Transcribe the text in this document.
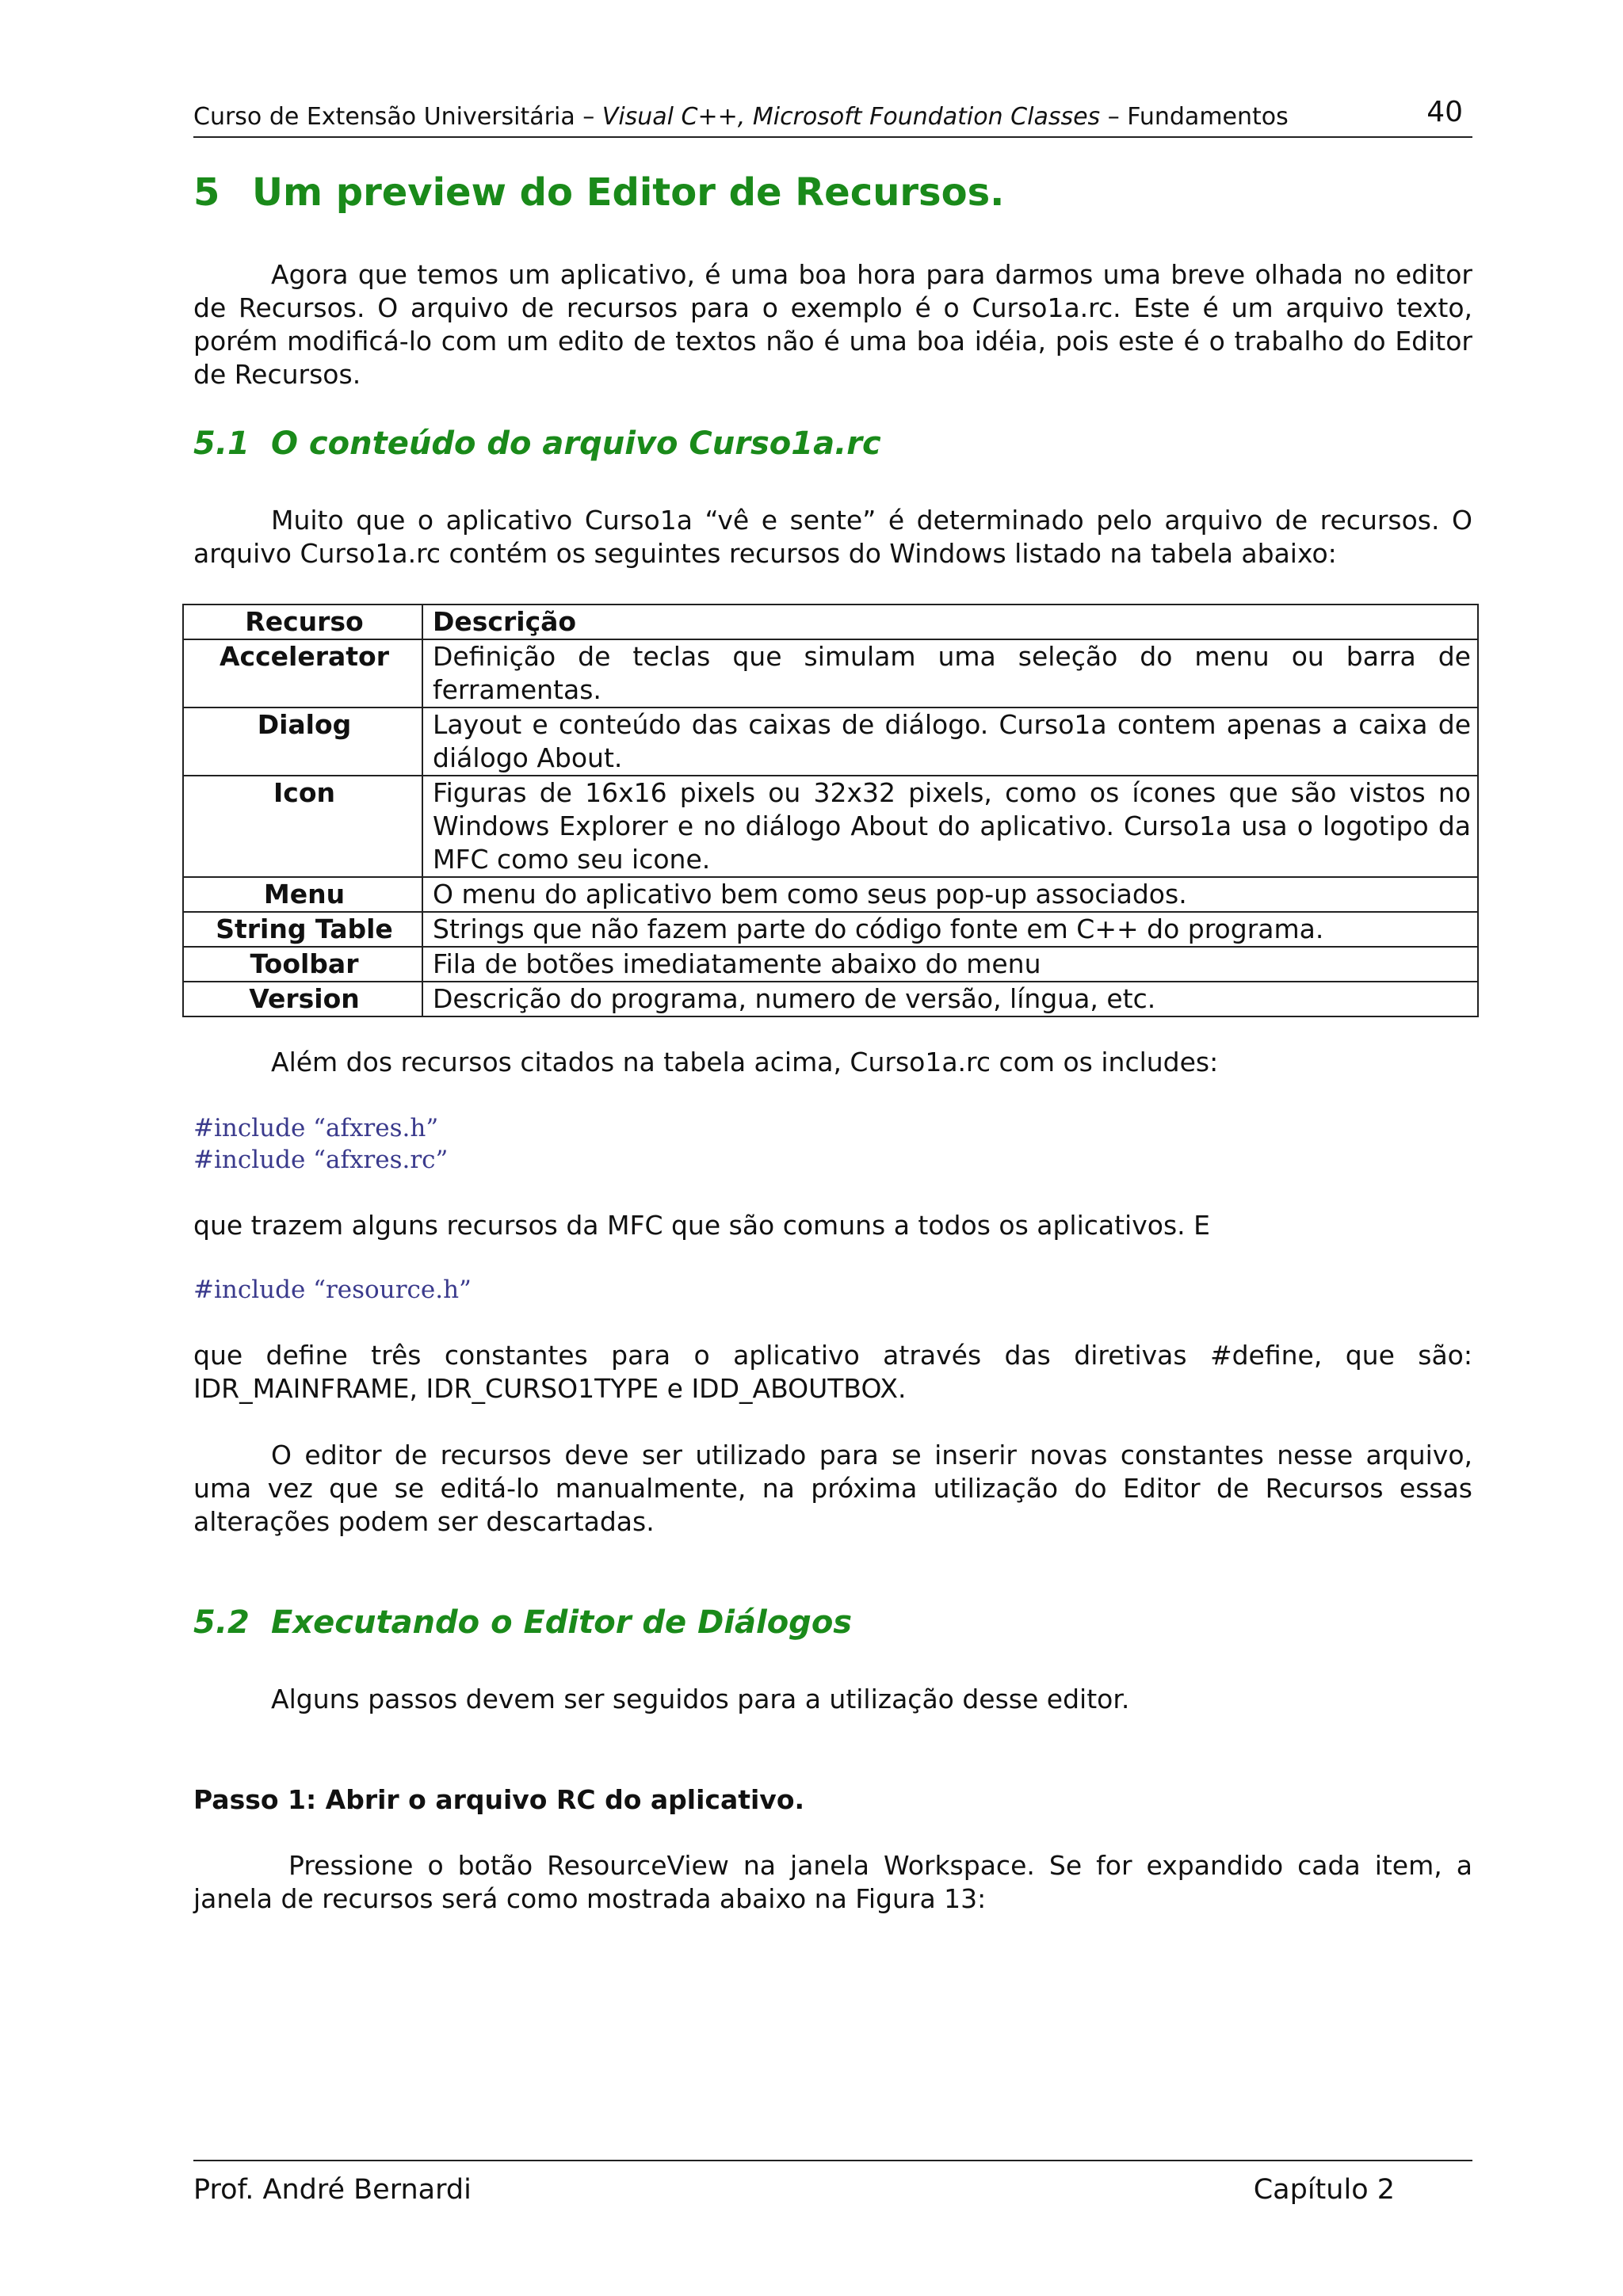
Curso de Extensão Universitária – Visual C++, Microsoft Foundation Classes – Fundamentos	40
5 Um preview do Editor de Recursos.

Agora que temos um aplicativo, é uma boa hora para darmos uma breve olhada no editor de Recursos. O arquivo de recursos para o exemplo é o Curso1a.rc. Este é um arquivo texto, porém modificá-lo com um edito de textos não é uma boa idéia, pois este é o trabalho do Editor de Recursos.

5.1 O conteúdo do arquivo Curso1a.rc

Muito que o aplicativo Curso1a “vê e sente” é determinado pelo arquivo de recursos. O arquivo Curso1a.rc contém os seguintes recursos do Windows listado na tabela abaixo:

Recurso	Descrição
Accelerator	Definição de teclas que simulam uma seleção do menu ou barra de ferramentas.
Dialog	Layout e conteúdo das caixas de diálogo. Curso1a contem apenas a caixa de diálogo About.
Icon	Figuras de 16x16 pixels ou 32x32 pixels, como os ícones que são vistos no Windows Explorer e no diálogo About do aplicativo. Curso1a usa o logotipo da MFC como seu icone.
Menu	O menu do aplicativo bem como seus pop-up associados.
String Table	Strings que não fazem parte do código fonte em C++ do programa.
Toolbar	Fila de botões imediatamente abaixo do menu
Version	Descrição do programa, numero de versão, língua, etc.

Além dos recursos citados na tabela acima, Curso1a.rc com os includes:

#include “afxres.h”
#include “afxres.rc”

que trazem alguns recursos da MFC que são comuns a todos os aplicativos. E

#include “resource.h”

que define três constantes para o aplicativo através das diretivas #define, que são: IDR_MAINFRAME, IDR_CURSO1TYPE e IDD_ABOUTBOX.

O editor de recursos deve ser utilizado para se inserir novas constantes nesse arquivo, uma vez que se editá-lo manualmente, na próxima utilização do Editor de Recursos essas alterações podem ser descartadas.

5.2 Executando o Editor de Diálogos

Alguns passos devem ser seguidos para a utilização desse editor.

Passo 1: Abrir o arquivo RC do aplicativo.

Pressione o botão ResourceView na janela Workspace. Se for expandido cada item, a janela de recursos será como mostrada abaixo na Figura 13:

Prof. André Bernardi	Capítulo 2
